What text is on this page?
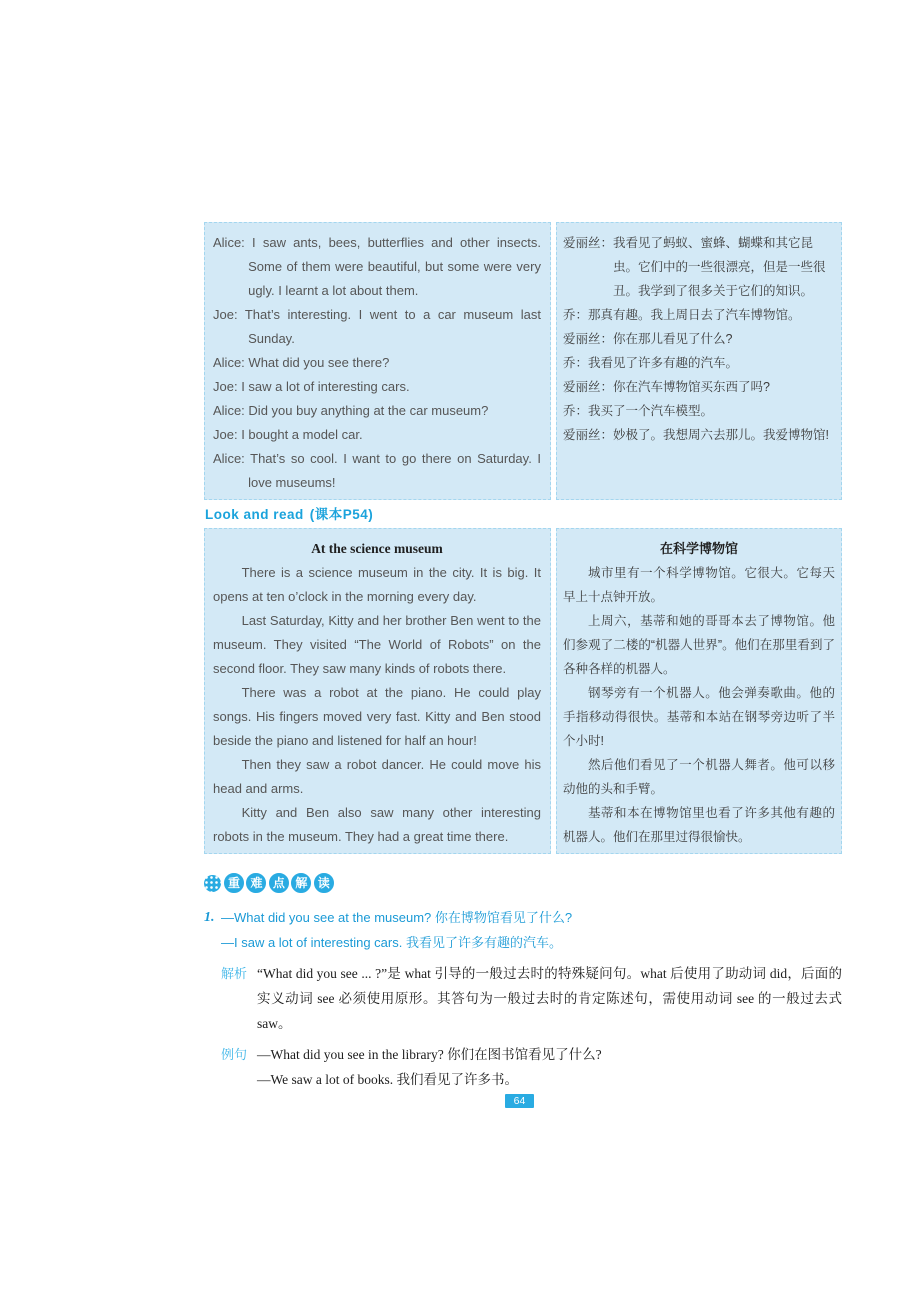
Alice: I saw ants, bees, butterflies and other insects. Some of them were beautiful, but some were very ugly. I learnt a lot about them.

Joe: That’s interesting. I went to a car museum last Sunday.

Alice: What did you see there?

Joe: I saw a lot of interesting cars.

Alice: Did you buy anything at the car museum?

Joe: I bought a model car.

Alice: That’s so cool. I want to go there on Saturday. I love museums!

爱丽丝：我看见了蚂蚁、蜜蜂、蝴蝶和其它昆虫。它们中的一些很漂亮，但是一些很丑。我学到了很多关于它们的知识。

乔：那真有趣。我上周日去了汽车博物馆。

爱丽丝：你在那儿看见了什么?

乔：我看见了许多有趣的汽车。

爱丽丝：你在汽车博物馆买东西了吗?

乔：我买了一个汽车模型。

爱丽丝：妙极了。我想周六去那儿。我爱博物馆!

Look and read (课本P54)

At the science museum

There is a science museum in the city. It is big. It opens at ten o’clock in the morning every day.

Last Saturday, Kitty and her brother Ben went to the museum. They visited “The World of Robots” on the second floor. They saw many kinds of robots there.

There was a robot at the piano. He could play songs. His fingers moved very fast. Kitty and Ben stood beside the piano and listened for half an hour!

Then they saw a robot dancer. He could move his head and arms.

Kitty and Ben also saw many other interesting robots in the museum. They had a great time there.

在科学博物馆

城市里有一个科学博物馆。它很大。它每天早上十点钟开放。

上周六，基蒂和她的哥哥本去了博物馆。他们参观了二楼的“机器人世界”。他们在那里看到了各种各样的机器人。

钢琴旁有一个机器人。他会弹奏歌曲。他的手指移动得很快。基蒂和本站在钢琴旁边听了半个小时!

然后他们看见了一个机器人舞者。他可以移动他的头和手臂。

基蒂和本在博物馆里也看了许多其他有趣的机器人。他们在那里过得很愉快。

重 难 点 解 读
1. —What did you see at the museum? 你在博物馆看见了什么?

—I saw a lot of interesting cars. 我看见了许多有趣的汽车。

解析 “What did you see ... ?”是 what 引导的一般过去时的特殊疑问句。what 后使用了助动词 did，后面的实义动词 see 必须使用原形。其答句为一般过去时的肯定陈述句，需使用动词 see 的一般过去式 saw。
例句 —What did you see in the library? 你们在图书馆看见了什么?

—We saw a lot of books. 我们看见了许多书。

64
